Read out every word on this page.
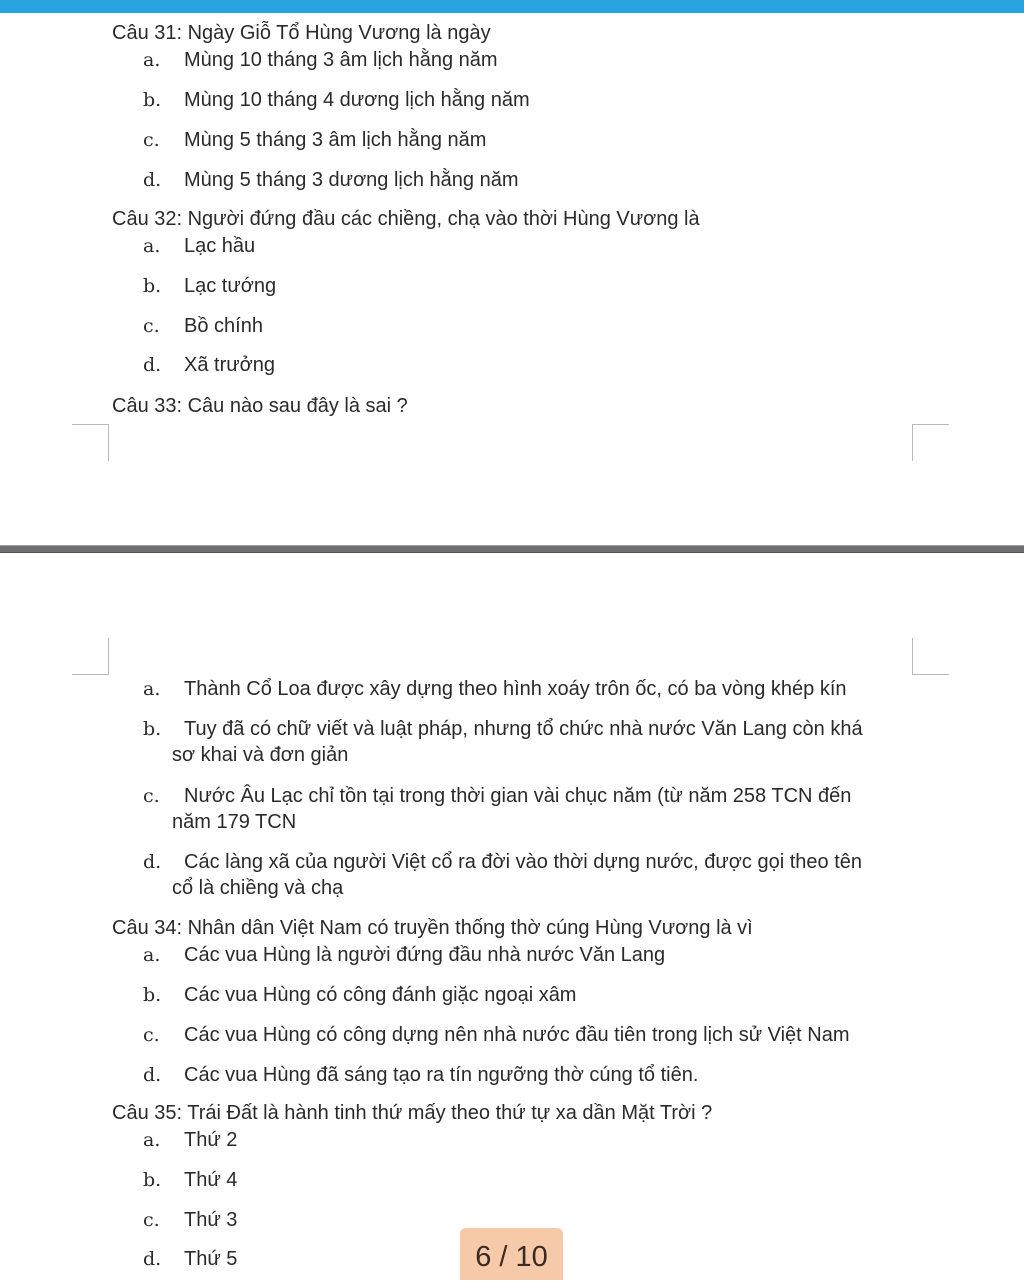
Câu 31: Ngày Giỗ Tổ Hùng Vương là ngày
a. Mùng 10 tháng 3 âm lịch hằng năm
b. Mùng 10 tháng 4 dương lịch hằng năm
c. Mùng 5 tháng 3 âm lịch hằng năm
d. Mùng 5 tháng 3 dương lịch hằng năm
Câu 32: Người đứng đầu các chiềng, chạ vào thời Hùng Vương là
a. Lạc hầu
b. Lạc tướng
c. Bồ chính
d. Xã trưởng
Câu 33: Câu nào sau đây là sai ?
a. Thành Cổ Loa được xây dựng theo hình xoáy trôn ốc, có ba vòng khép kín
b. Tuy đã có chữ viết và luật pháp, nhưng tổ chức nhà nước Văn Lang còn khá
sơ khai và đơn giản
c. Nước Âu Lạc chỉ tồn tại trong thời gian vài chục năm (từ năm 258 TCN đến
năm 179 TCN
d. Các làng xã của người Việt cổ ra đời vào thời dựng nước, được gọi theo tên
cổ là chiềng và chạ
Câu 34: Nhân dân Việt Nam có truyền thống thờ cúng Hùng Vương là vì
a. Các vua Hùng là người đứng đầu nhà nước Văn Lang
b. Các vua Hùng có công đánh giặc ngoại xâm
c. Các vua Hùng có công dựng nên nhà nước đầu tiên trong lịch sử Việt Nam
d. Các vua Hùng đã sáng tạo ra tín ngưỡng thờ cúng tổ tiên.
Câu 35: Trái Đất là hành tinh thứ mấy theo thứ tự xa dần Mặt Trời ?
a. Thứ 2
b. Thứ 4
c. Thứ 3
d. Thứ 5	6 / 10
